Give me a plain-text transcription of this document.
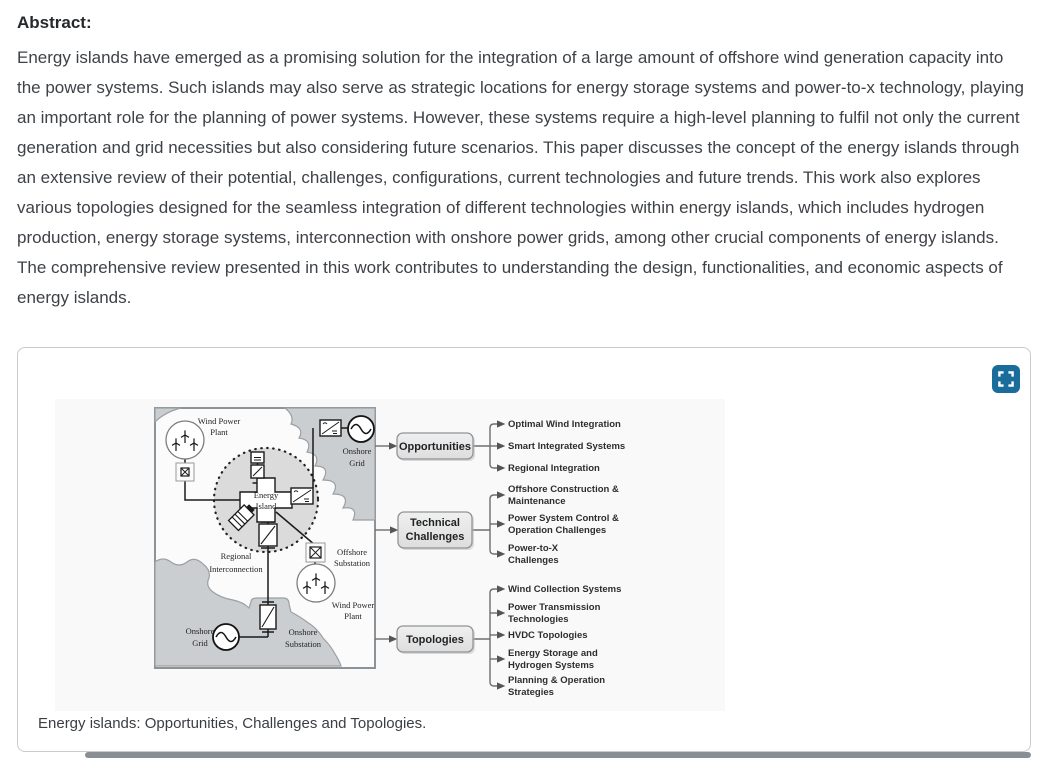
Abstract:

Energy islands have emerged as a promising solution for the integration of a large amount of offshore wind generation capacity into the power systems. Such islands may also serve as strategic locations for energy storage systems and power-to-x technology, playing an important role for the planning of power systems. However, these systems require a high-level planning to fulfil not only the current generation and grid necessities but also considering future scenarios. This paper discusses the concept of the energy islands through an extensive review of their potential, challenges, configurations, current technologies and future trends. This work also explores various topologies designed for the seamless integration of different technologies within energy islands, which includes hydrogen production, energy storage systems, interconnection with onshore power grids, among other crucial components of energy islands. The comprehensive review presented in this work contributes to understanding the design, functionalities, and economic aspects of energy islands.

Energy
Island
Wind Power
Plant
Onshore
Grid
Regional
Interconnection
Offshore
Substation
Wind Power
Plant
Onshore
Grid
Onshore
Substation
Opportunities
Technical
Challenges
Topologies
Optimal Wind Integration
Smart Integrated Systems
Regional Integration
Offshore Construction &
Maintenance
Power System Control &
Operation Challenges
Power-to-X
Challenges
Wind Collection Systems
Power Transmission
Technologies
HVDC Topologies
Energy Storage and
Hydrogen Systems
Planning & Operation
Strategies
Energy islands: Opportunities, Challenges and Topologies.
